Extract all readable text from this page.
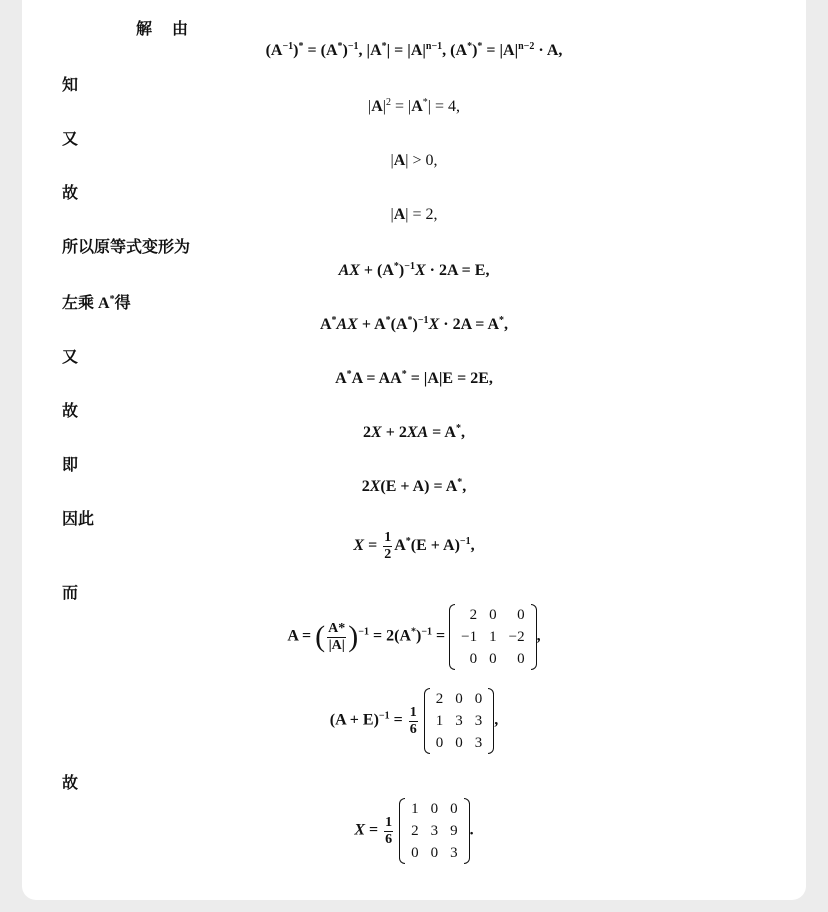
解 由
$(A^{-1})^* = (A^*)^{-1}$, $|A^*| = |A|^{n-1}$, $(A^*)^* = |A|^{n-2} \cdot A$,
知
$|A|^2 = |A^*| = 4$,
又
|A| > 0,
故
|A| = 2,
所以原等式变形为
AX + $(A^*)^{-1}X \cdot 2A = E$,
左乘 A*得
$A^*AX + A^*(A^*)^{-1}X \cdot 2A = A^*$,
又
A*A = AA* = |A|E = 2E,
故
2X + 2XA = A*,
即
2X(E + A) = A*,
因此
$X = \frac{1}{2} A^*(E + A)^{-1}$,
而
A = ( $\frac{A*}{|A|} )^{-1} = 2(A^*)^{-1}$ =
2	0	0
−1	1	−2
0	0	0
,
$(A + E)^{-1} = \frac{1}{6}$

2	0	0
1	3	3
0	0	3
,
故
$X = \frac{1}{6}$

1	0	0
2	3	9
0	0	3
.
